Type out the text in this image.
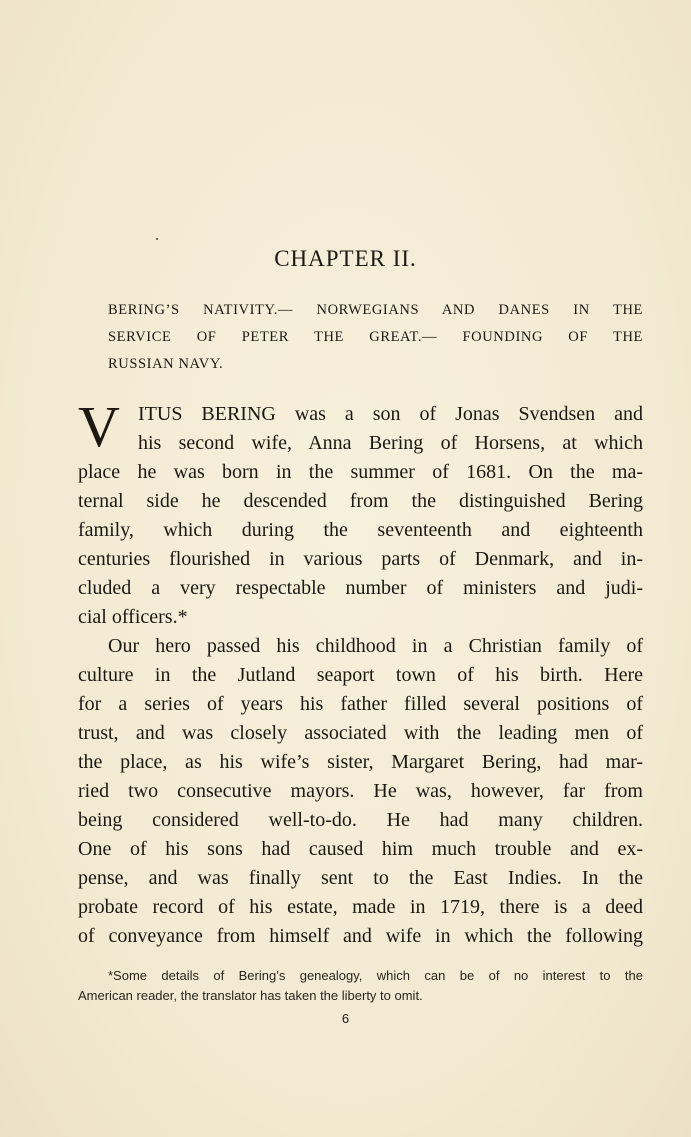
CHAPTER II.
BERING’S NATIVITY.— NORWEGIANS AND DANES IN THE
SERVICE OF PETER THE GREAT.— FOUNDING OF THE
RUSSIAN NAVY.
V ITUS BERING was a son of Jonas Svendsen and
his second wife, Anna Bering of Horsens, at which
place he was born in the summer of 1681. On the ma-
ternal side he descended from the distinguished Bering
family, which during the seventeenth and eighteenth
centuries flourished in various parts of Denmark, and in-
cluded a very respectable number of ministers and judi-
cial officers.*
Our hero passed his childhood in a Christian family of
culture in the Jutland seaport town of his birth. Here
for a series of years his father filled several positions of
trust, and was closely associated with the leading men of
the place, as his wife’s sister, Margaret Bering, had mar-
ried two consecutive mayors. He was, however, far from
being considered well-to-do. He had many children.
One of his sons had caused him much trouble and ex-
pense, and was finally sent to the East Indies. In the
probate record of his estate, made in 1719, there is a deed
of conveyance from himself and wife in which the following
*Some details of Bering’s genealogy, which can be of no interest to the
American reader, the translator has taken the liberty to omit.
6
